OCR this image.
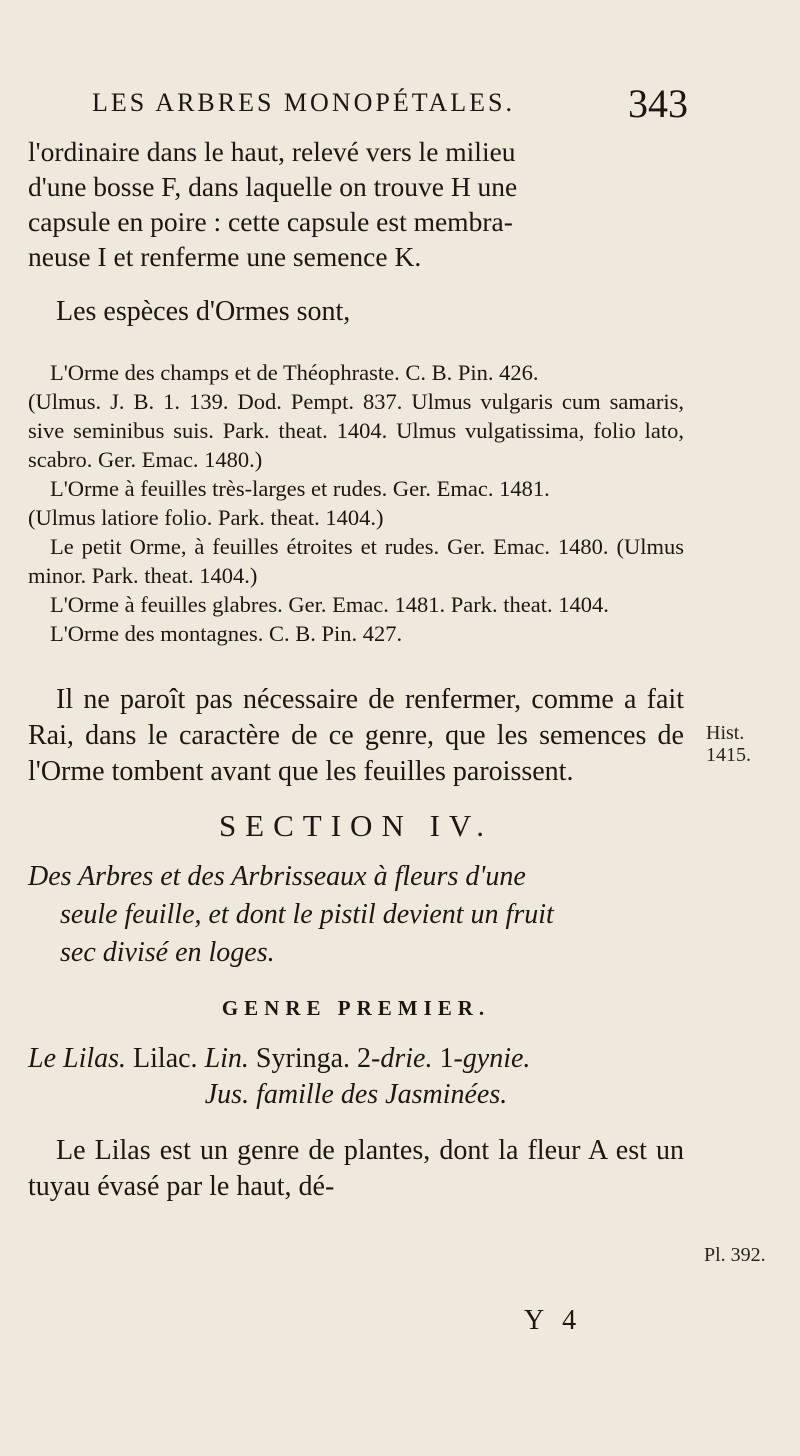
LES ARBRES MONOPÉTALES.	343

l'ordinaire dans le haut, relevé vers le milieu

d'une bosse F, dans laquelle on trouve H une

capsule en poire : cette capsule est membra-

neuse I et renferme une semence K.

Les espèces d'Ormes sont,

L'Orme des champs et de Théophraste. C. B. Pin. 426.

(Ulmus. J. B. 1. 139. Dod. Pempt. 837. Ulmus vulgaris cum samaris, sive seminibus suis. Park. theat. 1404. Ulmus vulgatissima, folio lato, scabro. Ger. Emac. 1480.)

L'Orme à feuilles très-larges et rudes. Ger. Emac. 1481.

(Ulmus latiore folio. Park. theat. 1404.)

Le petit Orme, à feuilles étroites et rudes. Ger. Emac. 1480. (Ulmus minor. Park. theat. 1404.)

L'Orme à feuilles glabres. Ger. Emac. 1481. Park. theat. 1404.

L'Orme des montagnes. C. B. Pin. 427.

Il ne paroît pas nécessaire de renfermer, comme a fait Rai, dans le caractère de ce genre, que les semences de l'Orme tombent avant que les feuilles paroissent.

SECTION IV.
Des Arbres et des Arbrisseaux à fleurs d'une
seule feuille, et dont le pistil devient un fruit
sec divisé en loges.
GENRE PREMIER.
Le Lilas. Lilac. Lin. Syringa. 2-drie. 1-gynie.
Jus. famille des Jasminées.

Le Lilas est un genre de plantes, dont la fleur A est un tuyau évasé par le haut, dé-

Hist.
1415.
Pl. 392.
Y 4
